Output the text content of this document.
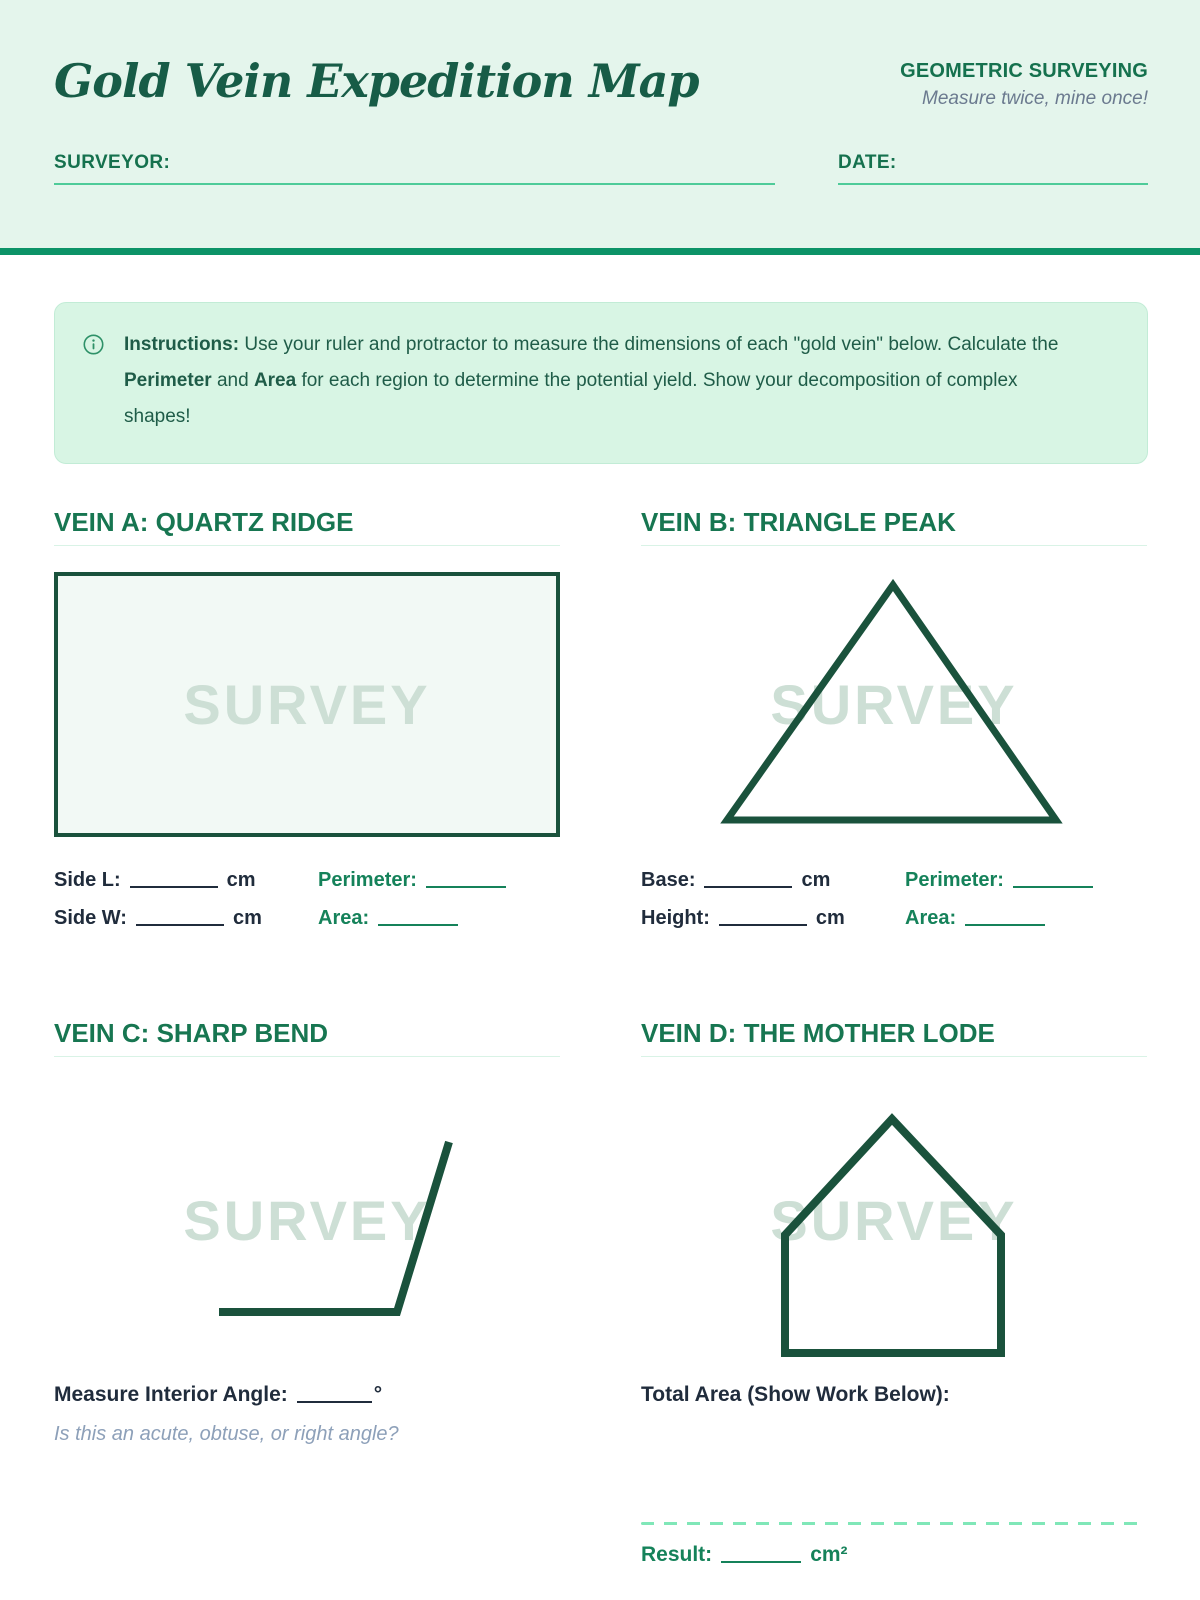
Gold Vein Expedition Map	GEOMETRIC SURVEYING
Measure twice, mine once!
SURVEYOR:	DATE:

Instructions: Use your ruler and protractor to measure the dimensions of each "gold vein" below. Calculate the Perimeter and Area for each region to determine the potential yield. Show your decomposition of complex shapes!

VEIN A: QUARTZ RIDGE
SURVEY
Side L:	cm
Side W:	cm
Perimeter:
Area:
VEIN B: TRIANGLE PEAK
SURVEY
Base:	cm
Height:	cm
Perimeter:
Area:
VEIN C: SHARP BEND
SURVEY
Measure Interior Angle:	°
Is this an acute, obtuse, or right angle?
VEIN D: THE MOTHER LODE
SURVEY
Total Area (Show Work Below):
Result:	cm²
